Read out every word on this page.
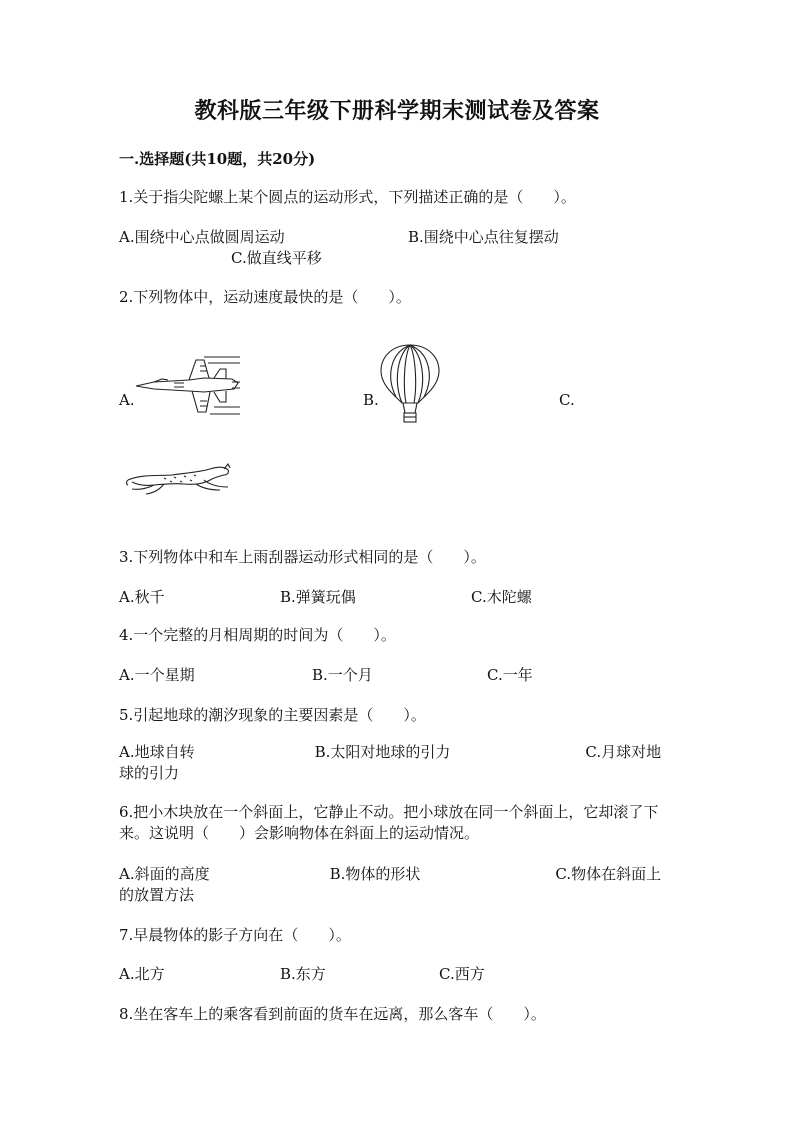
教科版三年级下册科学期末测试卷及答案
一.选择题(共10题，共20分)
1.关于指尖陀螺上某个圆点的运动形式，下列描述正确的是（　　）。
A.围绕中心点做圆周运动	B.围绕中心点往复摆动
C.做直线平移
2.下列物体中，运动速度最快的是（　　）。
A.	B.	C.
3.下列物体中和车上雨刮器运动形式相同的是（　　）。
A.秋千	B.弹簧玩偶	C.木陀螺
4.一个完整的月相周期的时间为（　　）。
A.一个星期	B.一个月	C.一年
5.引起地球的潮汐现象的主要因素是（　　）。
A.地球自转　　　　　　　　B.太阳对地球的引力　　　　　　　　　C.月球对地球的引力
6.把小木块放在一个斜面上，它静止不动。把小球放在同一个斜面上，它却滚了下来。这说明（　　）会影响物体在斜面上的运动情况。
A.斜面的高度　　　　　　　　B.物体的形状　　　　　　　　　C.物体在斜面上的放置方法
7.早晨物体的影子方向在（　　）。
A.北方	B.东方	C.西方
8.坐在客车上的乘客看到前面的货车在远离，那么客车（　　）。
